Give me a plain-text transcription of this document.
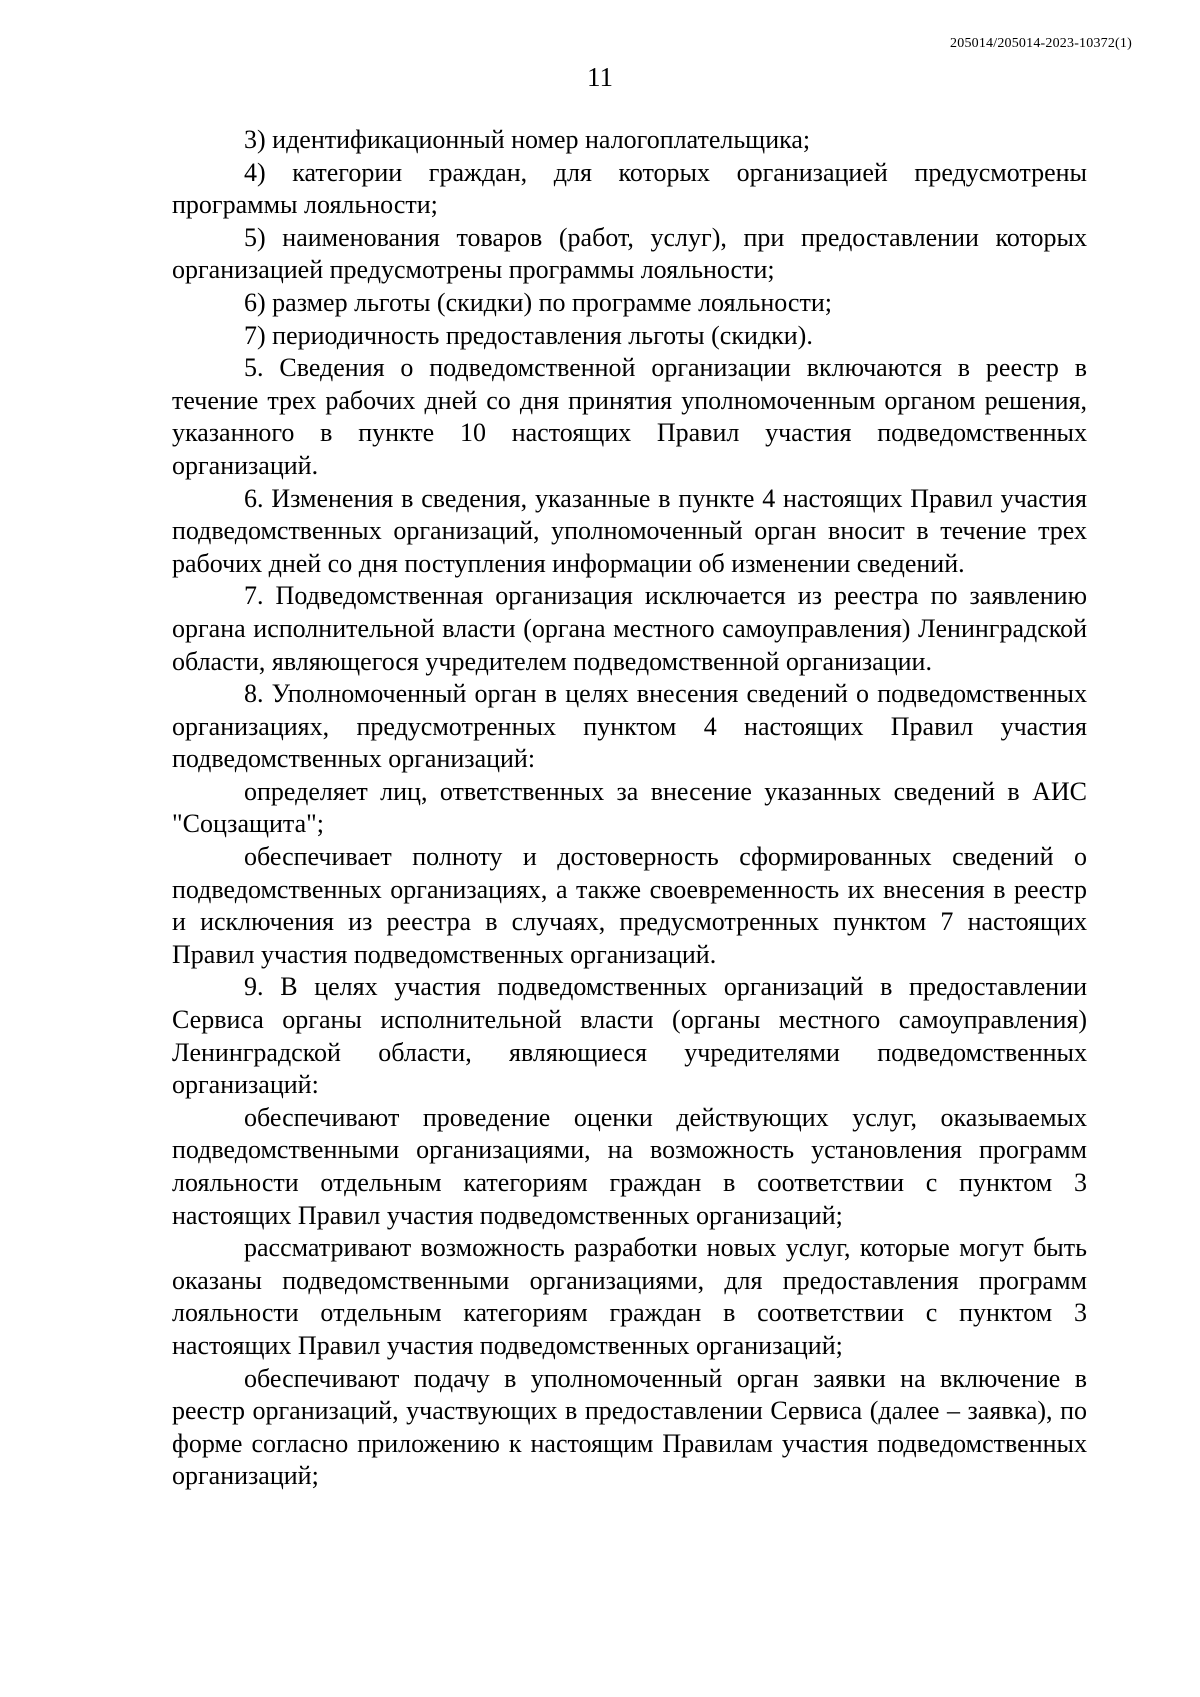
205014/205014-2023-10372(1)
11

3) идентификационный номер налогоплательщика;

4) категории граждан, для которых организацией предусмотрены программы лояльности;

5) наименования товаров (работ, услуг), при предоставлении которых организацией предусмотрены программы лояльности;

6) размер льготы (скидки) по программе лояльности;

7) периодичность предоставления льготы (скидки).

5. Сведения о подведомственной организации включаются в реестр в течение трех рабочих дней со дня принятия уполномоченным органом решения, указанного в пункте 10 настоящих Правил участия подведомственных организаций.

6. Изменения в сведения, указанные в пункте 4 настоящих Правил участия подведомственных организаций, уполномоченный орган вносит в течение трех рабочих дней со дня поступления информации об изменении сведений.

7. Подведомственная организация исключается из реестра по заявлению органа исполнительной власти (органа местного самоуправления) Ленинградской области, являющегося учредителем подведомственной организации.

8. Уполномоченный орган в целях внесения сведений о подведомственных организациях, предусмотренных пунктом 4 настоящих Правил участия подведомственных организаций:

определяет лиц, ответственных за внесение указанных сведений в АИС "Соцзащита";

обеспечивает полноту и достоверность сформированных сведений о подведомственных организациях, а также своевременность их внесения в реестр и исключения из реестра в случаях, предусмотренных пунктом 7 настоящих Правил участия подведомственных организаций.

9. В целях участия подведомственных организаций в предоставлении Сервиса органы исполнительной власти (органы местного самоуправления) Ленинградской области, являющиеся учредителями подведомственных организаций:

обеспечивают проведение оценки действующих услуг, оказываемых подведомственными организациями, на возможность установления программ лояльности отдельным категориям граждан в соответствии с пунктом 3 настоящих Правил участия подведомственных организаций;

рассматривают возможность разработки новых услуг, которые могут быть оказаны подведомственными организациями, для предоставления программ лояльности отдельным категориям граждан в соответствии с пунктом 3 настоящих Правил участия подведомственных организаций;

обеспечивают подачу в уполномоченный орган заявки на включение в реестр организаций, участвующих в предоставлении Сервиса (далее – заявка), по форме согласно приложению к настоящим Правилам участия подведомственных организаций;
